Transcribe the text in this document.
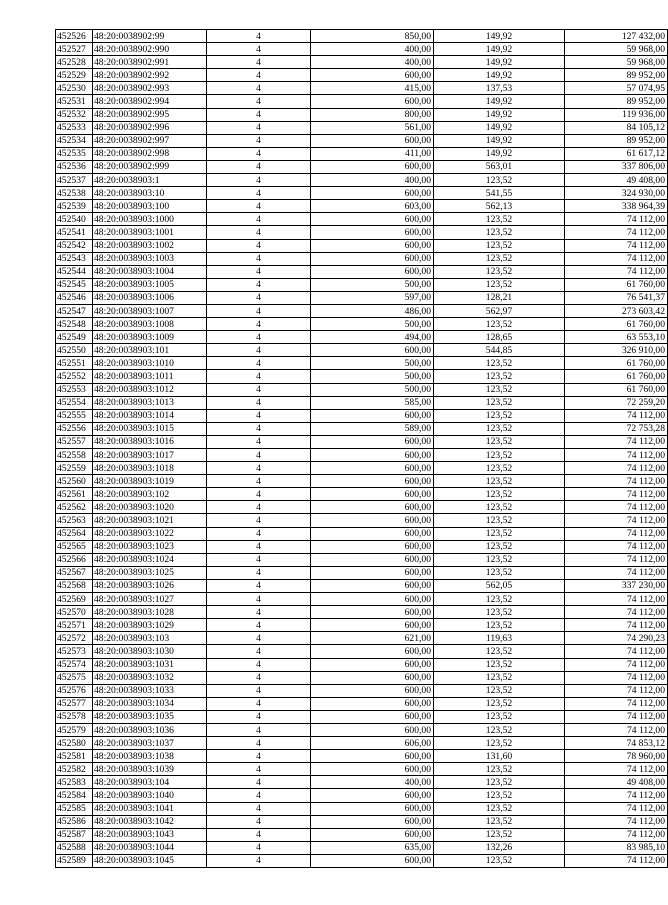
452526	48:20:0038902:99	4	850,00	149,92	127 432,00
452527	48:20:0038902:990	4	400,00	149,92	59 968,00
452528	48:20:0038902:991	4	400,00	149,92	59 968,00
452529	48:20:0038902:992	4	600,00	149,92	89 952,00
452530	48:20:0038902:993	4	415,00	137,53	57 074,95
452531	48:20:0038902:994	4	600,00	149,92	89 952,00
452532	48:20:0038902:995	4	800,00	149,92	119 936,00
452533	48:20:0038902:996	4	561,00	149,92	84 105,12
452534	48:20:0038902:997	4	600,00	149,92	89 952,00
452535	48:20:0038902:998	4	411,00	149,92	61 617,12
452536	48:20:0038902:999	4	600,00	563,01	337 806,00
452537	48:20:0038903:1	4	400,00	123,52	49 408,00
452538	48:20:0038903:10	4	600,00	541,55	324 930,00
452539	48:20:0038903:100	4	603,00	562,13	338 964,39
452540	48:20:0038903:1000	4	600,00	123,52	74 112,00
452541	48:20:0038903:1001	4	600,00	123,52	74 112,00
452542	48:20:0038903:1002	4	600,00	123,52	74 112,00
452543	48:20:0038903:1003	4	600,00	123,52	74 112,00
452544	48:20:0038903:1004	4	600,00	123,52	74 112,00
452545	48:20:0038903:1005	4	500,00	123,52	61 760,00
452546	48:20:0038903:1006	4	597,00	128,21	76 541,37
452547	48:20:0038903:1007	4	486,00	562,97	273 603,42
452548	48:20:0038903:1008	4	500,00	123,52	61 760,00
452549	48:20:0038903:1009	4	494,00	128,65	63 553,10
452550	48:20:0038903:101	4	600,00	544,85	326 910,00
452551	48:20:0038903:1010	4	500,00	123,52	61 760,00
452552	48:20:0038903:1011	4	500,00	123,52	61 760,00
452553	48:20:0038903:1012	4	500,00	123,52	61 760,00
452554	48:20:0038903:1013	4	585,00	123,52	72 259,20
452555	48:20:0038903:1014	4	600,00	123,52	74 112,00
452556	48:20:0038903:1015	4	589,00	123,52	72 753,28
452557	48:20:0038903:1016	4	600,00	123,52	74 112,00
452558	48:20:0038903:1017	4	600,00	123,52	74 112,00
452559	48:20:0038903:1018	4	600,00	123,52	74 112,00
452560	48:20:0038903:1019	4	600,00	123,52	74 112,00
452561	48:20:0038903:102	4	600,00	123,52	74 112,00
452562	48:20:0038903:1020	4	600,00	123,52	74 112,00
452563	48:20:0038903:1021	4	600,00	123,52	74 112,00
452564	48:20:0038903:1022	4	600,00	123,52	74 112,00
452565	48:20:0038903:1023	4	600,00	123,52	74 112,00
452566	48:20:0038903:1024	4	600,00	123,52	74 112,00
452567	48:20:0038903:1025	4	600,00	123,52	74 112,00
452568	48:20:0038903:1026	4	600,00	562,05	337 230,00
452569	48:20:0038903:1027	4	600,00	123,52	74 112,00
452570	48:20:0038903:1028	4	600,00	123,52	74 112,00
452571	48:20:0038903:1029	4	600,00	123,52	74 112,00
452572	48:20:0038903:103	4	621,00	119,63	74 290,23
452573	48:20:0038903:1030	4	600,00	123,52	74 112,00
452574	48:20:0038903:1031	4	600,00	123,52	74 112,00
452575	48:20:0038903:1032	4	600,00	123,52	74 112,00
452576	48:20:0038903:1033	4	600,00	123,52	74 112,00
452577	48:20:0038903:1034	4	600,00	123,52	74 112,00
452578	48:20:0038903:1035	4	600,00	123,52	74 112,00
452579	48:20:0038903:1036	4	600,00	123,52	74 112,00
452580	48:20:0038903:1037	4	606,00	123,52	74 853,12
452581	48:20:0038903:1038	4	600,00	131,60	78 960,00
452582	48:20:0038903:1039	4	600,00	123,52	74 112,00
452583	48:20:0038903:104	4	400,00	123,52	49 408,00
452584	48:20:0038903:1040	4	600,00	123,52	74 112,00
452585	48:20:0038903:1041	4	600,00	123,52	74 112,00
452586	48:20:0038903:1042	4	600,00	123,52	74 112,00
452587	48:20:0038903:1043	4	600,00	123,52	74 112,00
452588	48:20:0038903:1044	4	635,00	132,26	83 985,10
452589	48:20:0038903:1045	4	600,00	123,52	74 112,00
